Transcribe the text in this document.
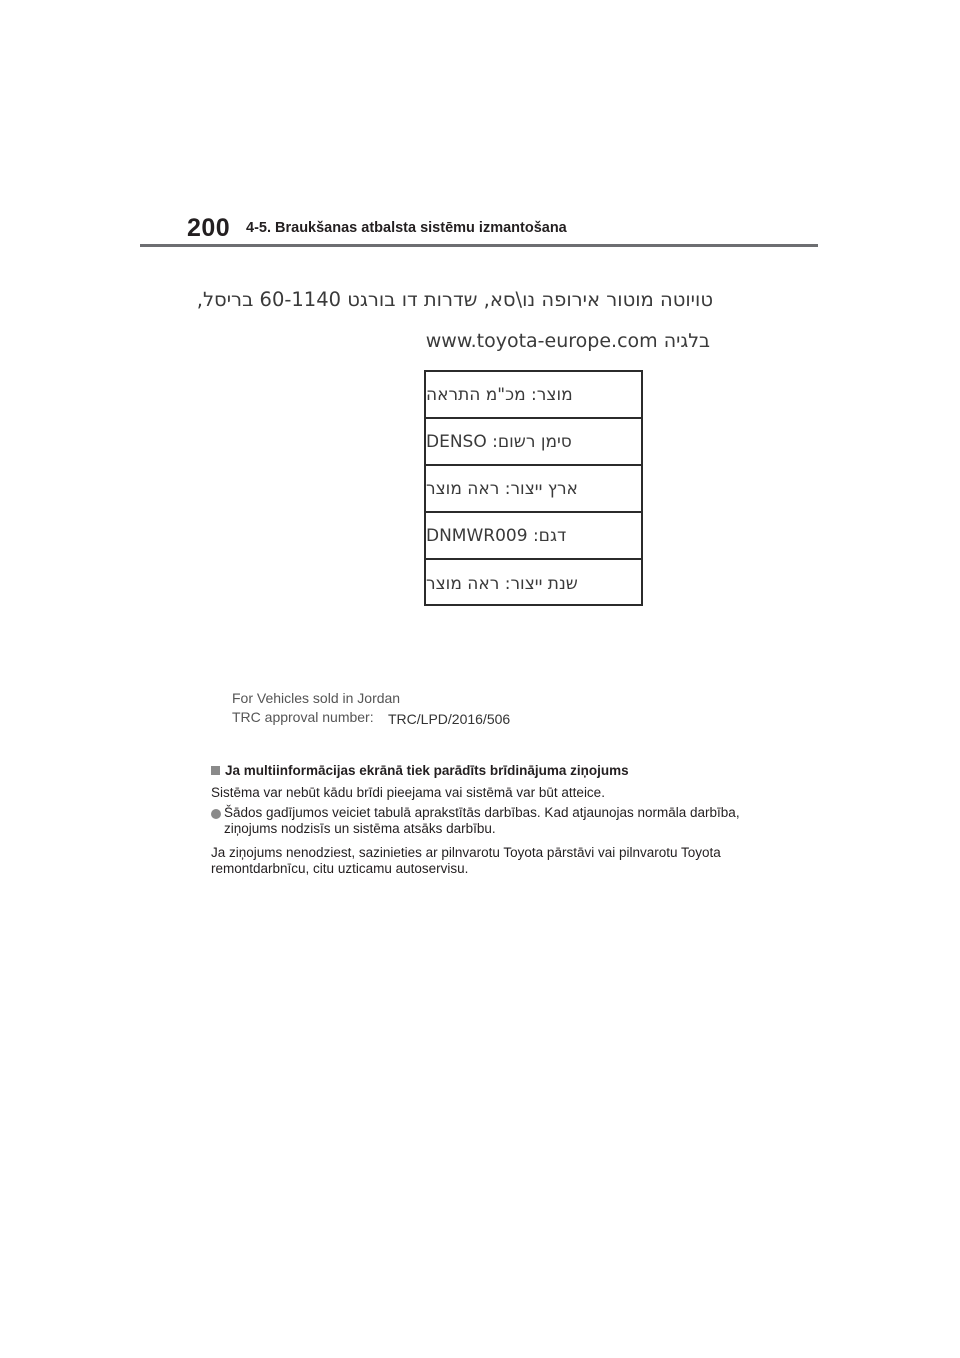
200 4-5. Braukšanas atbalsta sistēmu izmantošana
טויוטה מוטור אירופה נו\סא, שדרות דו בורגט 60-1140 בריסל,
בלגיה www.toyota-europe.com
מוצר: מכ"מ התראה
סימן רשום: DENSO
ארץ ייצור: ראה מוצר
דגם: DNMWR009
שנת ייצור: ראה מוצר
For Vehicles sold in Jordan
TRC approval number: TRC/LPD/2016/506
Ja multiinformācijas ekrānā tiek parādīts brīdinājuma ziņojums
Sistēma var nebūt kādu brīdi pieejama vai sistēmā var būt atteice.
Šādos gadījumos veiciet tabulā aprakstītās darbības. Kad atjaunojas normāla darbība, ziņojums nodzisīs un sistēma atsāks darbību.
Ja ziņojums nenodziest, sazinieties ar pilnvarotu Toyota pārstāvi vai pilnvarotu Toyota remontdarbnīcu, citu uzticamu autoservisu.
